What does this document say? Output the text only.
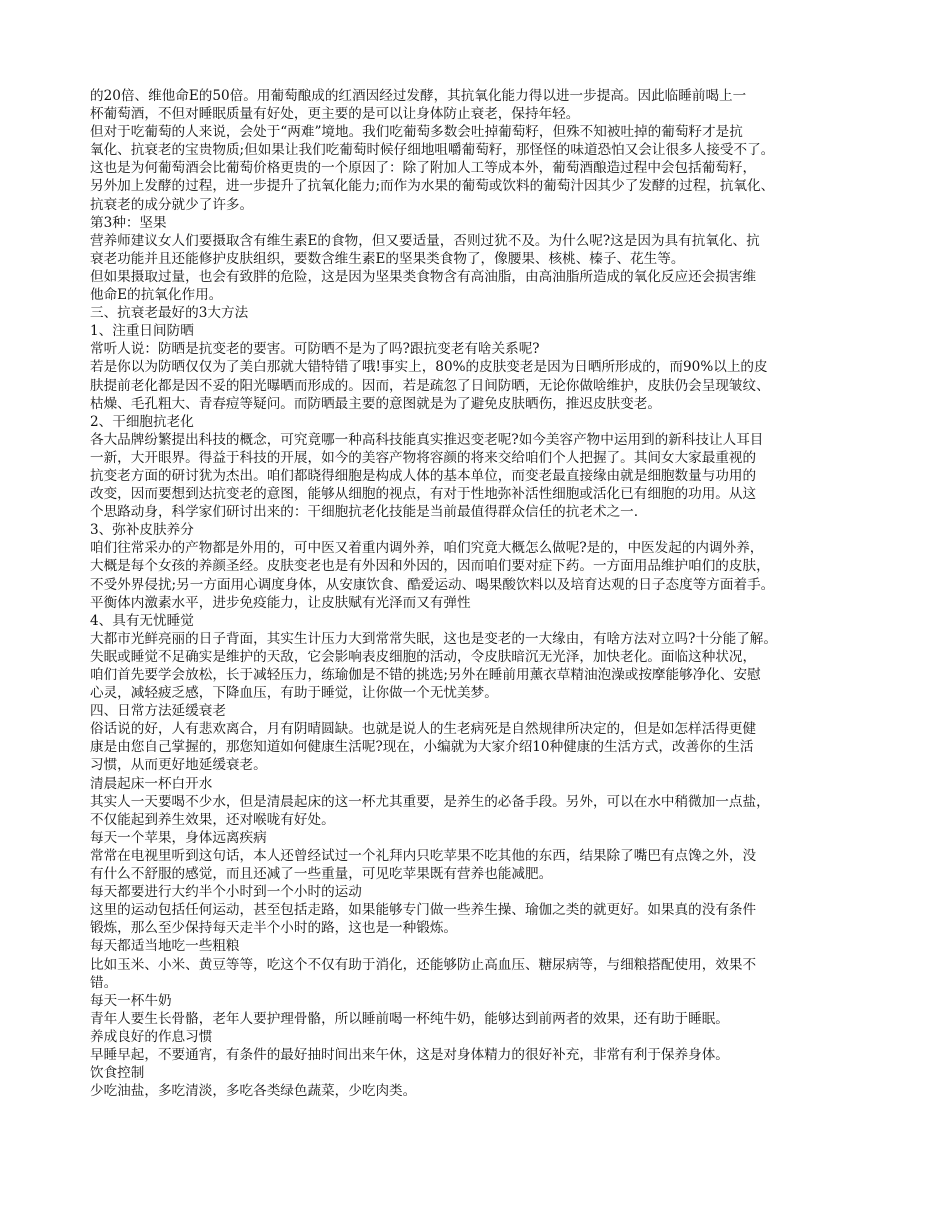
的20倍、维他命E的50倍。用葡萄酿成的红酒因经过发酵，其抗氧化能力得以进一步提高。因此临睡前喝上一

杯葡萄酒，不但对睡眠质量有好处，更主要的是可以让身体防止衰老，保持年轻。

但对于吃葡萄的人来说，会处于“两难”境地。我们吃葡萄多数会吐掉葡萄籽，但殊不知被吐掉的葡萄籽才是抗

氧化、抗衰老的宝贵物质;但如果让我们吃葡萄时候仔细地咀嚼葡萄籽，那怪怪的味道恐怕又会让很多人接受不了。

这也是为何葡萄酒会比葡萄价格更贵的一个原因了：除了附加人工等成本外，葡萄酒酿造过程中会包括葡萄籽，

另外加上发酵的过程，进一步提升了抗氧化能力;而作为水果的葡萄或饮料的葡萄汁因其少了发酵的过程，抗氧化、

抗衰老的成分就少了许多。

第3种：坚果

营养师建议女人们要摄取含有维生素E的食物，但又要适量，否则过犹不及。为什么呢?这是因为具有抗氧化、抗

衰老功能并且还能修护皮肤组织，要数含维生素E的坚果类食物了，像腰果、核桃、榛子、花生等。

但如果摄取过量，也会有致胖的危险，这是因为坚果类食物含有高油脂，由高油脂所造成的氧化反应还会损害维

他命E的抗氧化作用。

三、抗衰老最好的3大方法
1、注重日间防晒

常听人说：防晒是抗变老的要害。可防晒不是为了吗?跟抗变老有啥关系呢?

若是你以为防晒仅仅为了美白那就大错特错了哦!事实上，80%的皮肤变老是因为日晒所形成的，而90%以上的皮

肤提前老化都是因不妥的阳光曝晒而形成的。因而，若是疏忽了日间防晒，无论你做啥维护，皮肤仍会呈现皱纹、

枯燥、毛孔粗大、青春痘等疑问。而防晒最主要的意图就是为了避免皮肤晒伤，推迟皮肤变老。

2、干细胞抗老化

各大品牌纷繁提出科技的概念，可究竟哪一种高科技能真实推迟变老呢?如今美容产物中运用到的新科技让人耳目

一新，大开眼界。得益于科技的开展，如今的美容产物将容颜的将来交给咱们个人把握了。其间女大家最重视的

抗变老方面的研讨犹为杰出。咱们都晓得细胞是构成人体的基本单位，而变老最直接缘由就是细胞数量与功用的

改变，因而要想到达抗变老的意图，能够从细胞的视点，有对于性地弥补活性细胞或活化已有细胞的功用。从这

个思路动身，科学家们研讨出来的：干细胞抗老化技能是当前最值得群众信任的抗老术之一.

3、弥补皮肤养分

咱们往常采办的产物都是外用的，可中医又着重内调外养，咱们究竟大概怎么做呢?是的，中医发起的内调外养，

大概是每个女孩的养颜圣经。皮肤变老也是有外因和外因的，因而咱们要对症下药。一方面用品维护咱们的皮肤，

不受外界侵扰;另一方面用心调度身体，从安康饮食、酷爱运动、喝果酸饮料以及培育达观的日子态度等方面着手。

平衡体内激素水平，进步免疫能力，让皮肤赋有光泽而又有弹性

4、具有无忧睡觉

大都市光鲜亮丽的日子背面，其实生计压力大到常常失眠，这也是变老的一大缘由，有啥方法对立吗?十分能了解。

失眠或睡觉不足确实是维护的天敌，它会影响表皮细胞的活动，令皮肤暗沉无光泽，加快老化。面临这种状况，

咱们首先要学会放松，长于减轻压力，练瑜伽是不错的挑选;另外在睡前用薰衣草精油泡澡或按摩能够净化、安慰

心灵，减轻疲乏感，下降血压，有助于睡觉，让你做一个无忧美梦。

四、日常方法延缓衰老

俗话说的好，人有悲欢离合，月有阴晴圆缺。也就是说人的生老病死是自然规律所决定的，但是如怎样活得更健

康是由您自己掌握的，那您知道如何健康生活呢?现在，小编就为大家介绍10种健康的生活方式，改善你的生活

习惯，从而更好地延缓衰老。

清晨起床一杯白开水

其实人一天要喝不少水，但是清晨起床的这一杯尤其重要，是养生的必备手段。另外，可以在水中稍微加一点盐，

不仅能起到养生效果，还对喉咙有好处。

每天一个苹果，身体远离疾病

常常在电视里听到这句话，本人还曾经试过一个礼拜内只吃苹果不吃其他的东西，结果除了嘴巴有点馋之外，没

有什么不舒服的感觉，而且还减了一些重量，可见吃苹果既有营养也能减肥。

每天都要进行大约半个小时到一个小时的运动

这里的运动包括任何运动，甚至包括走路，如果能够专门做一些养生操、瑜伽之类的就更好。如果真的没有条件

锻炼，那么至少保持每天走半个小时的路，这也是一种锻炼。

每天都适当地吃一些粗粮

比如玉米、小米、黄豆等等，吃这个不仅有助于消化，还能够防止高血压、糖尿病等，与细粮搭配使用，效果不

错。

每天一杯牛奶

青年人要生长骨骼，老年人要护理骨骼，所以睡前喝一杯纯牛奶，能够达到前两者的效果，还有助于睡眠。

养成良好的作息习惯

早睡早起，不要通宵，有条件的最好抽时间出来午休，这是对身体精力的很好补充，非常有利于保养身体。

饮食控制

少吃油盐，多吃清淡，多吃各类绿色蔬菜，少吃肉类。
